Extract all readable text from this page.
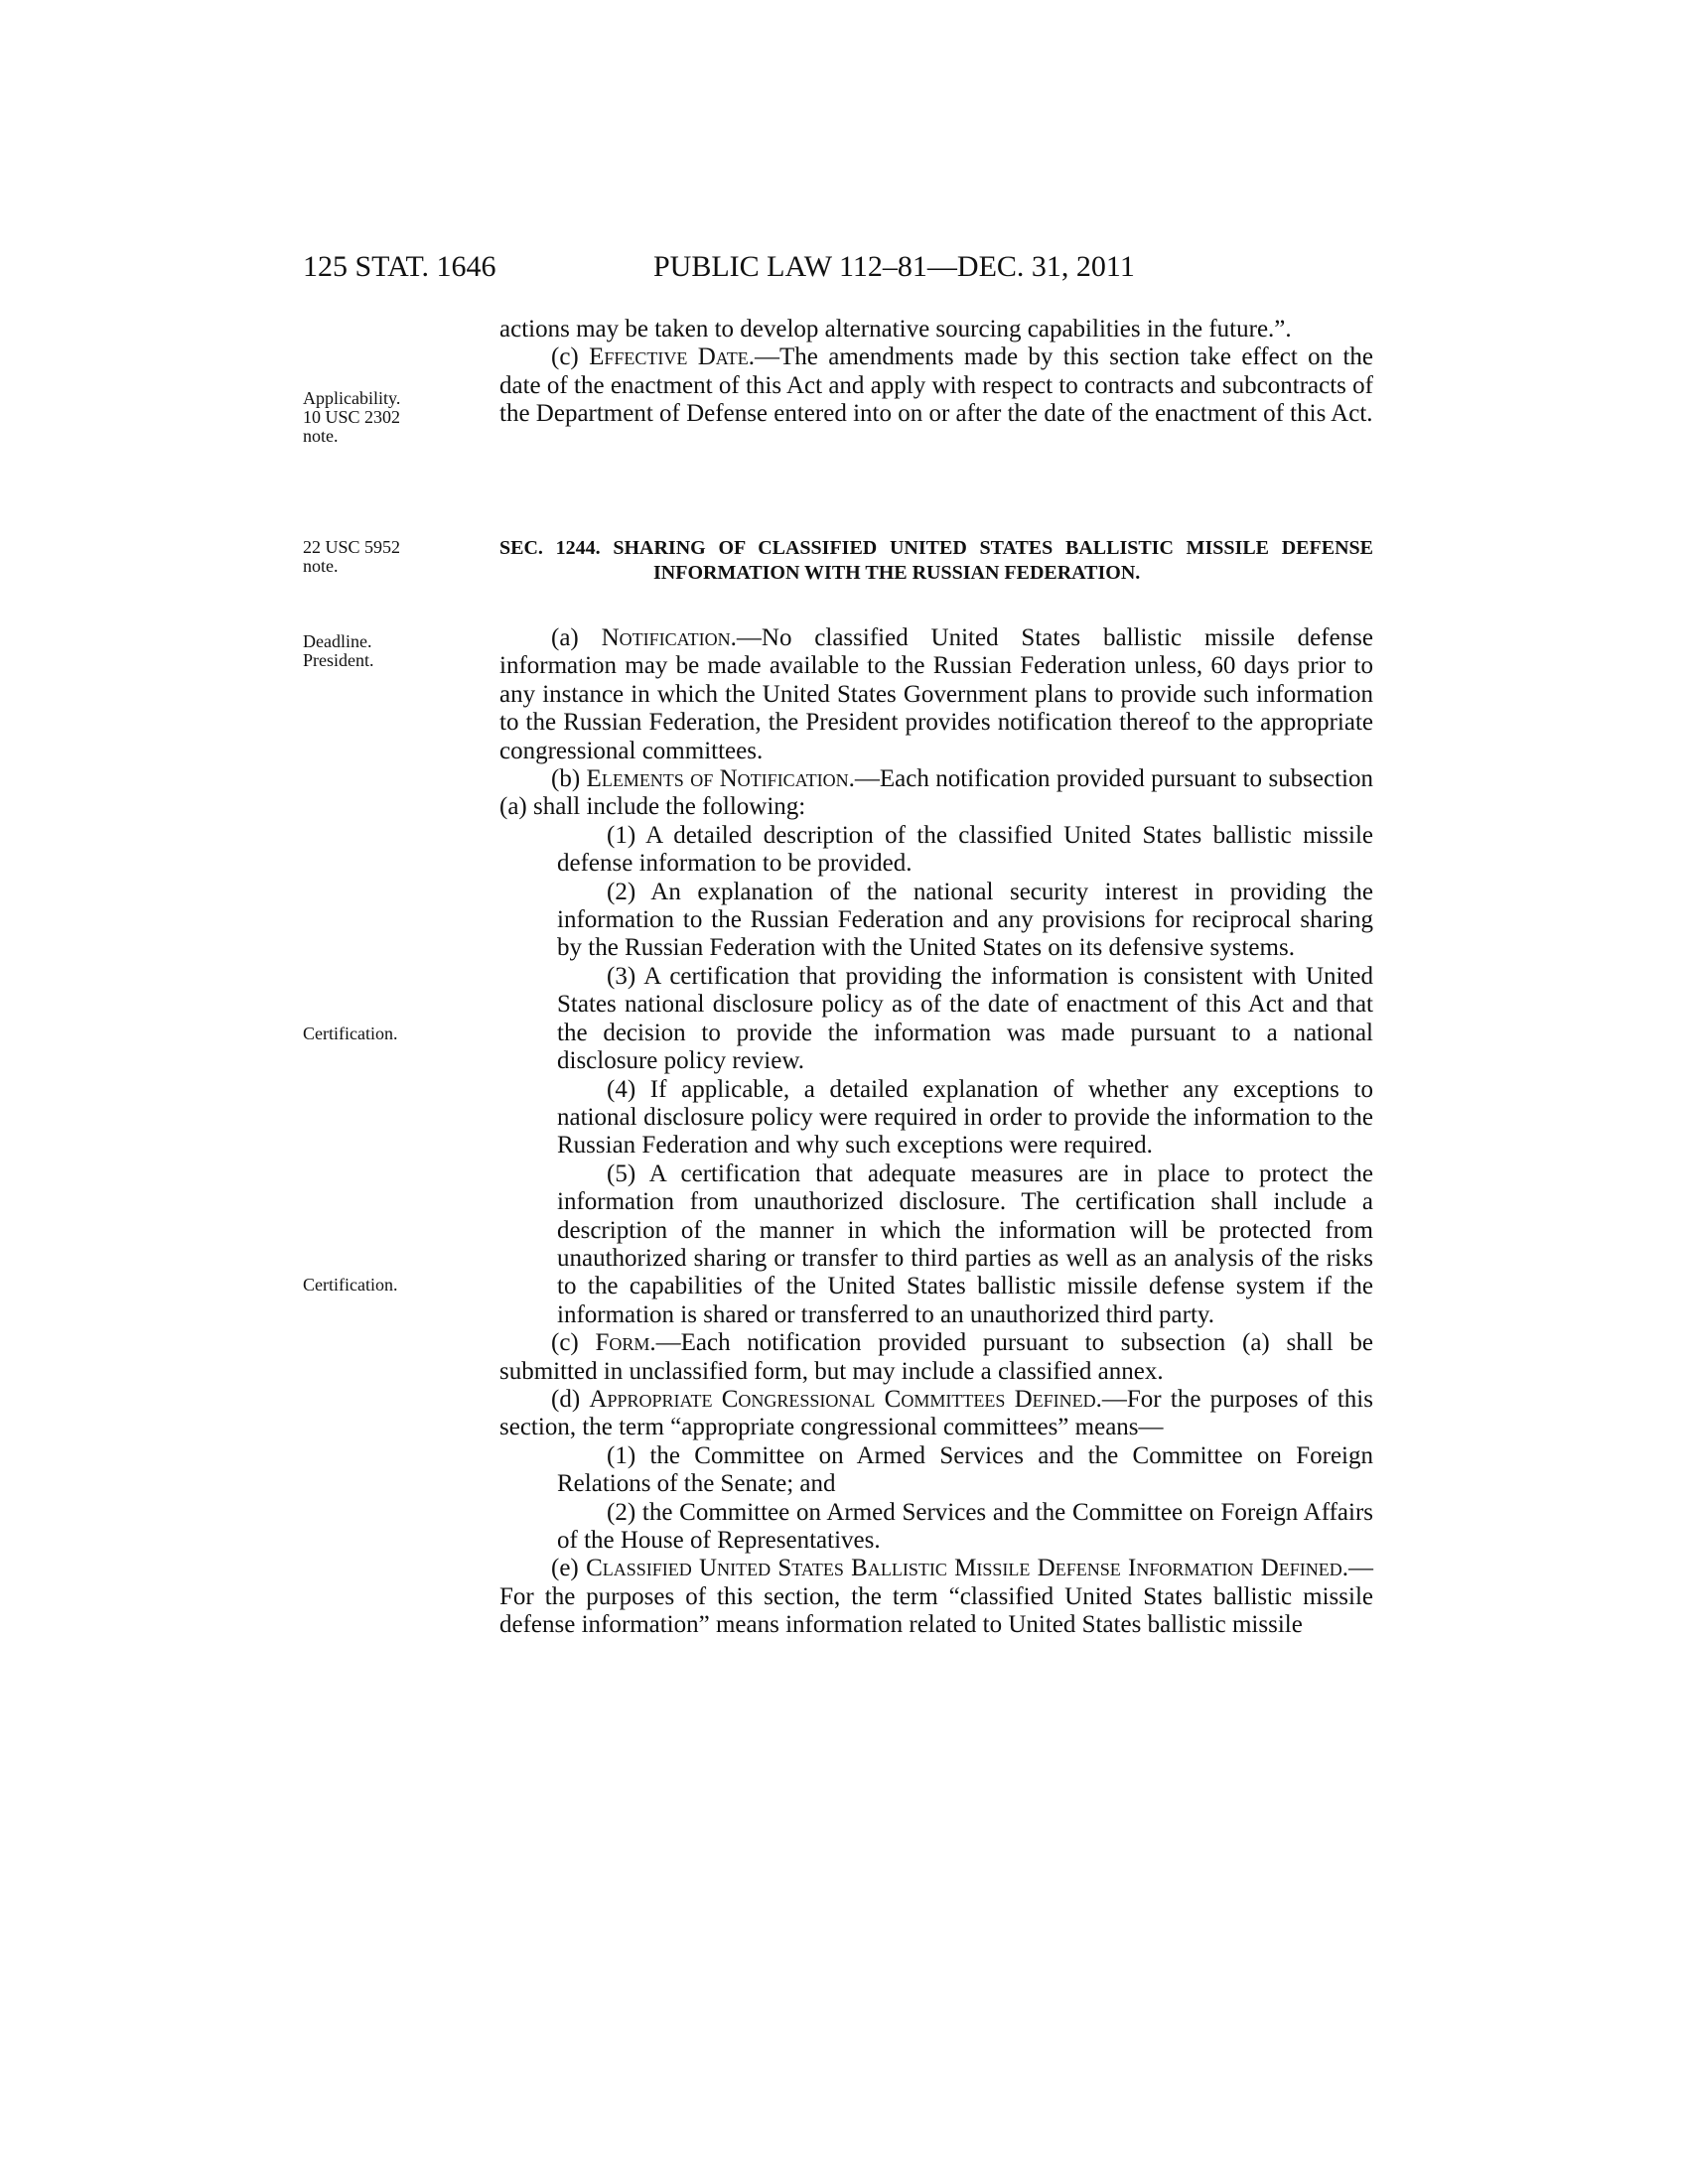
125 STAT. 1646	PUBLIC LAW 112–81—DEC. 31, 2011
Applicability.
10 USC 2302
note.
22 USC 5952
note.
Deadline.
President.
Certification.
Certification.

actions may be taken to develop alternative sourcing capabilities in the future.”.

(c) Effective Date.—The amendments made by this section take effect on the date of the enactment of this Act and apply with respect to contracts and subcontracts of the Department of Defense entered into on or after the date of the enactment of this Act.

SEC. 1244. SHARING OF CLASSIFIED UNITED STATES BALLISTIC MISSILE DEFENSE INFORMATION WITH THE RUSSIAN FEDERATION.

(a) Notification.—No classified United States ballistic missile defense information may be made available to the Russian Federation unless, 60 days prior to any instance in which the United States Government plans to provide such information to the Russian Federation, the President provides notification thereof to the appropriate congressional committees.

(b) Elements of Notification.—Each notification provided pursuant to subsection (a) shall include the following:

(1) A detailed description of the classified United States ballistic missile defense information to be provided.

(2) An explanation of the national security interest in providing the information to the Russian Federation and any provisions for reciprocal sharing by the Russian Federation with the United States on its defensive systems.

(3) A certification that providing the information is consistent with United States national disclosure policy as of the date of enactment of this Act and that the decision to provide the information was made pursuant to a national disclosure policy review.

(4) If applicable, a detailed explanation of whether any exceptions to national disclosure policy were required in order to provide the information to the Russian Federation and why such exceptions were required.

(5) A certification that adequate measures are in place to protect the information from unauthorized disclosure. The certification shall include a description of the manner in which the information will be protected from unauthorized sharing or transfer to third parties as well as an analysis of the risks to the capabilities of the United States ballistic missile defense system if the information is shared or transferred to an unauthorized third party.

(c) Form.—Each notification provided pursuant to subsection (a) shall be submitted in unclassified form, but may include a classified annex.

(d) Appropriate Congressional Committees Defined.—For the purposes of this section, the term “appropriate congressional committees” means—

(1) the Committee on Armed Services and the Committee on Foreign Relations of the Senate; and

(2) the Committee on Armed Services and the Committee on Foreign Affairs of the House of Representatives.

(e) Classified United States Ballistic Missile Defense Information Defined.—For the purposes of this section, the term “classified United States ballistic missile defense information” means information related to United States ballistic missile
